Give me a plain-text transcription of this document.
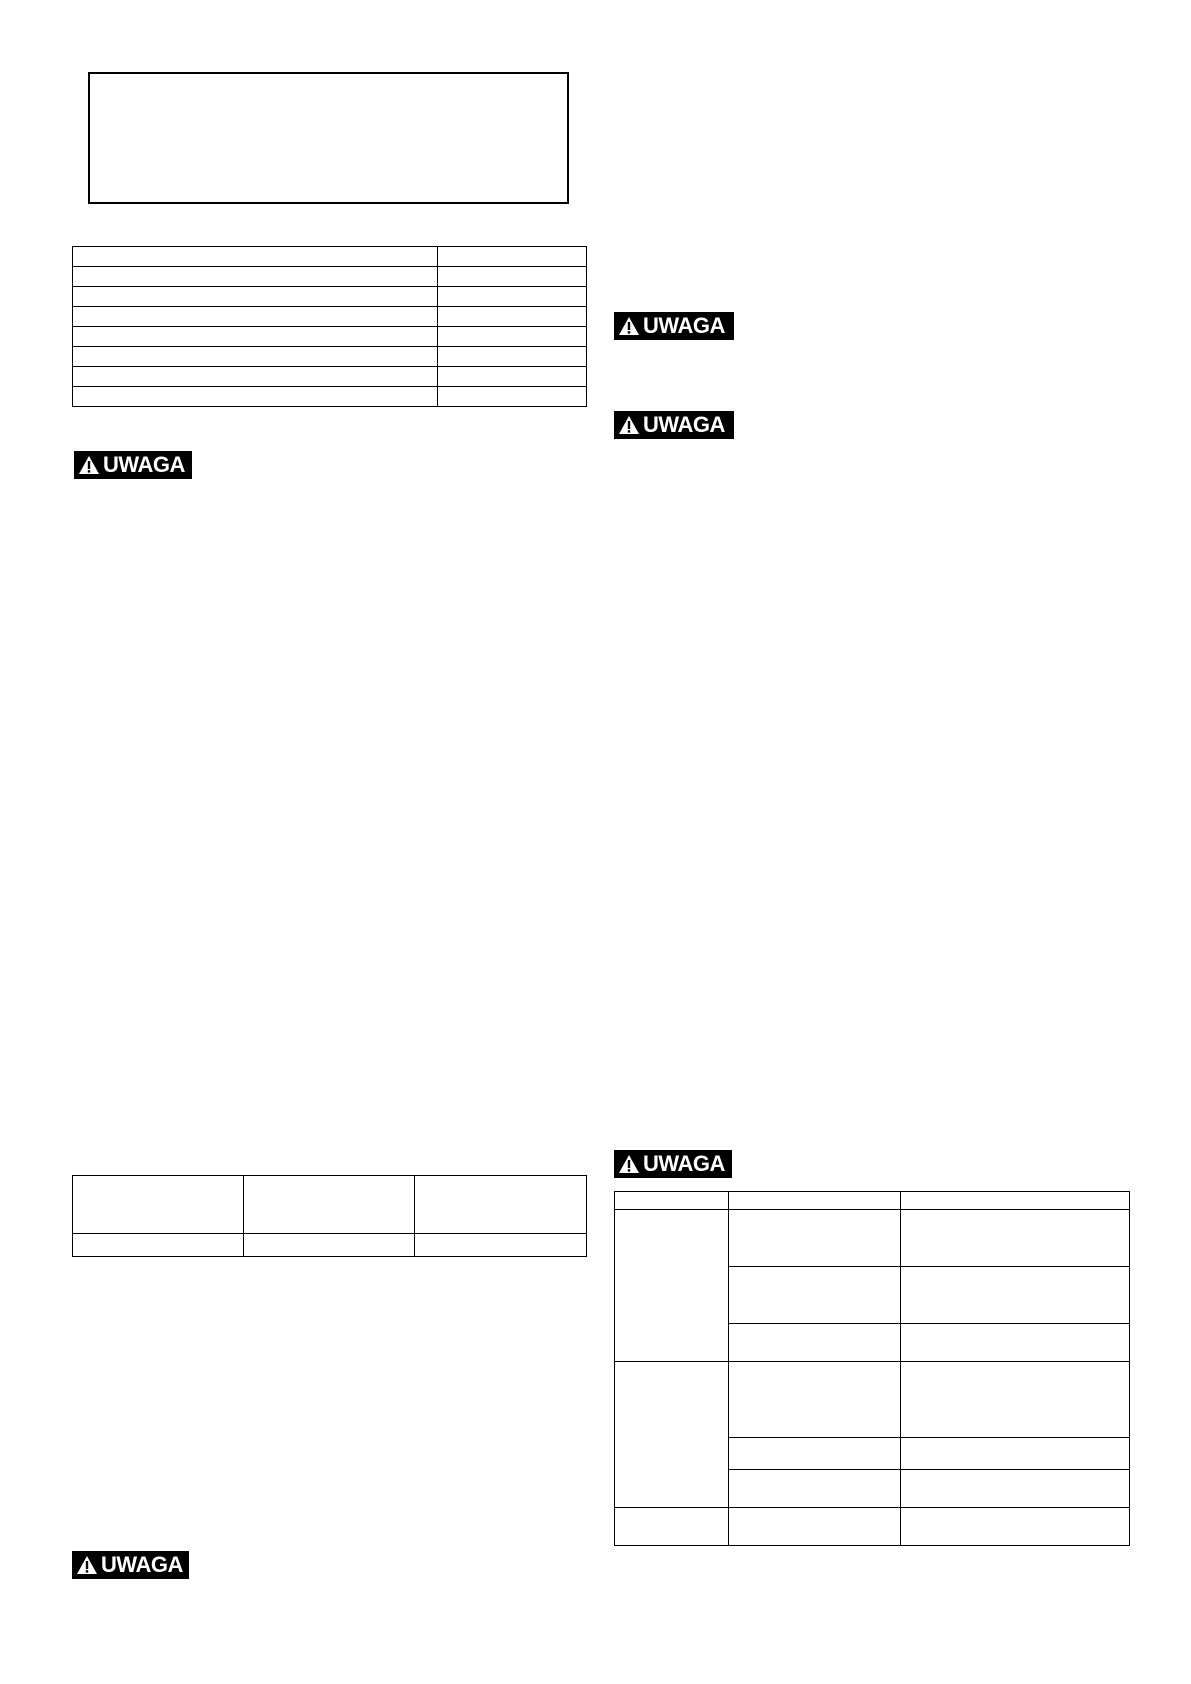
UWAGA

UWAGA
UWAGA
UWAGA
UWAGA
